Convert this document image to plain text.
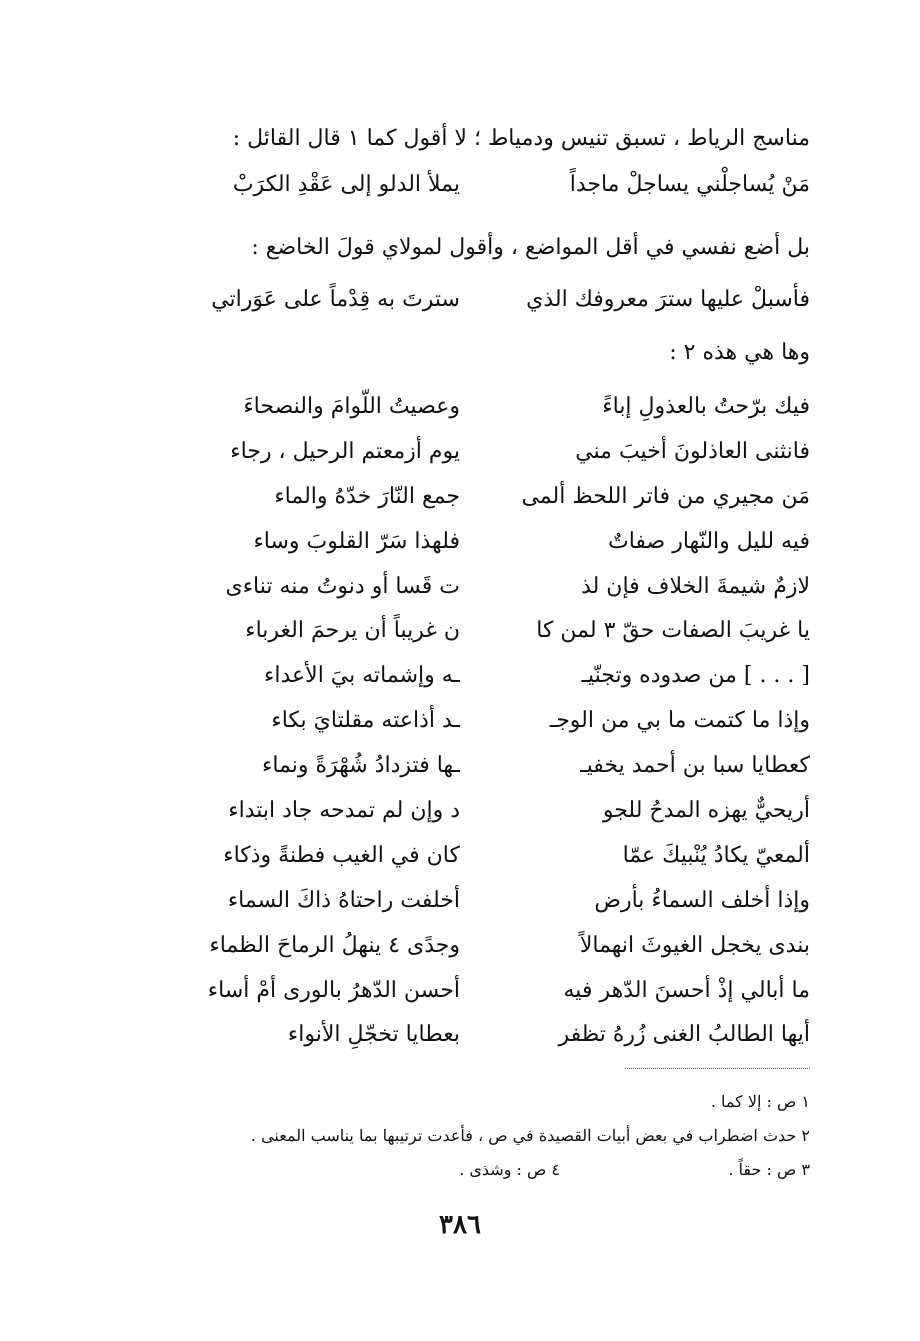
مناسج الرياط ، تسبق تنيس ودمياط ؛ لا أقول كما ١ قال القائل :
مَنْ يُساجلْني يساجلْ ماجداً
يملأ الدلو إلى عَقْدِ الكرَبْ
بل أضع نفسي في أقل المواضع ، وأقول لمولاي قولَ الخاضع :
فأسبلْ عليها سترَ معروفك الذي
سترتَ به قِدْماً على عَوَراتي
وها هي هذه ٢ :
فيك برّحتُ بالعذولِ إباءً
وعصيتُ اللّوامَ والنصحاءَ
فانثنى العاذلونَ أخيبَ مني
يوم أزمعتم الرحيل ، رجاء
مَن مجيري من فاتر اللحظ ألمى
جمع النّارَ خدّهُ والماء
فيه لليل والنّهار صفاتٌ
فلهذا سَرّ القلوبَ وساء
لازمٌ شيمةَ الخلاف فإن لذ
ت قَسا أو دنوتُ منه تناءى
يا غريبَ الصفات حقّ ٣ لمن كا
ن غريباً أن يرحمَ الغرباء
[ . . . ] من صدوده وتجنّيـ
ـه وإشماته بيَ الأعداء
وإذا ما كتمت ما بي من الوجـ
ـد أذاعته مقلتايَ بكاء
كعطايا سبا بن أحمد يخفيـ
ـها فتزدادُ شُهْرَةً ونماء
أريحيٌّ يهزه المدحُ للجو
د وإن لم تمدحه جاد ابتداء
ألمعيّ يكادُ يُنْبيكَ عمّا
كان في الغيب فطنةً وذكاء
وإذا أخلف السماءُ بأرض
أخلفت راحتاهُ ذاكَ السماء
بندى يخجل الغيوثَ انهمالاً
وجدًى ٤ ينهلُ الرماحَ الظماء
ما أبالي إذْ أحسنَ الدّهر فيه
أحسن الدّهرُ بالورى أمْ أساء
أيها الطالبُ الغنى زُرهُ تظفر
بعطايا تخجّلِ الأنواء
١ ص : إلا كما .
٢ حدث اضطراب في بعض أبيات القصيدة في ص ، فأعدت ترتيبها بما يناسب المعنى .
٣ ص : حقاً .
٤ ص : وشذى .
٣٨٦
